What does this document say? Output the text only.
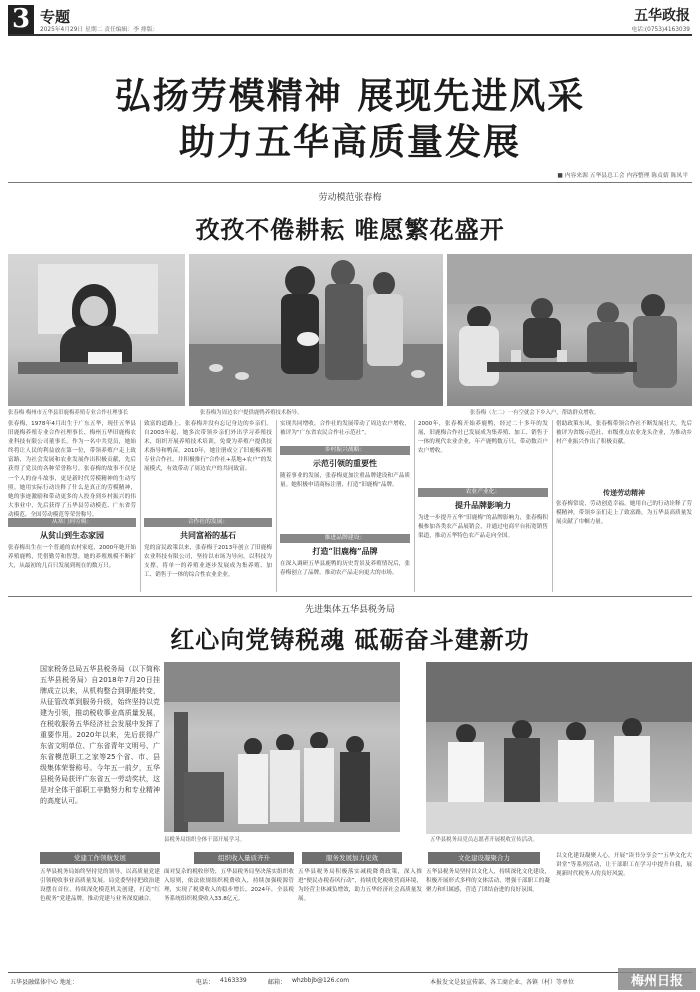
3 专题
2025年4月29日 星期二 责任编辑：李 排版：
五华政报
电话:(0753)4163039
弘扬劳模精神 展现先进风采
助力五华高质量发展
■ 内容来源 五华县总工会 内容整理 陈贞婧 陈凤平
劳动模范张春梅
孜孜不倦耕耘 唯愿繁花盛开
张春梅 梅州市五华县旧鹿梅养殖专业合作社理事长	张春梅为周边农户提供鹿鸭养殖技术指导。	张春梅（左二）一有空就会下乡入户，帮助群众增收。
张春梅，1978年4月出生于广东五华，现任五华县旧鹿梅养殖专业合作社理事长、梅州五华旧鹿梅农业科技有限公司董事长。作为一名中共党员，她始终将让人民的利益放在第一位，带领养殖户走上致富路，为社会发展和农业发展作出积极贡献，先后获得了党员的各种荣誉称号。张春梅的故事不仅是一个人的奋斗故事，更是新时代劳模精神的生动写照。她用实际行动诠释了什么是真正的劳模精神，她的事迹激励和带动更多的人投身到乡村振兴的伟大事业中，先后获得了五华县劳动模范、广东省劳动模范、全国劳动模范等荣誉称号。
从寒门到劳模：
从贫山到生态家园
张春梅出生在一个普通的农村家庭，2000年她开始养殖鹿鸭，凭借勤劳和智慧，她的养殖规模不断扩大，从最初的几百只发展到现在的数万只。
致富的道路上，张春梅并没有忘记身边的乡亲们。自2003年起，她多次带领乡亲们外出学习养殖技术，组织开展养殖技术培训，免费为养殖户提供技术指导和鸭苗。2010年，她注册成立了旧鹿梅养殖专业合作社，并积极推行“合作社+基地+农户”的发展模式，有效带动了周边农户的共同致富。
合作社的发展：
共同富裕的基石
党的富民政策以来，张春梅于2013年创立了旧鹿梅农业科技有限公司，坚持以市场为导向，以科技为支撑，将单一的养殖业逐步发展成为集养殖、加工、销售于一体的综合性农业企业。
实现共同增收。合作社的发展带动了周边农户增收，被评为“广东省农民合作社示范社”。
乡村振兴战略：
示范引领的重要性
随着事业的发展，张春梅更加注重品牌建设和产品质量。她积极申请商标注册，打造“旧鹿梅”品牌。
推进品牌建设：
打造“旧鹿梅”品牌
在深入调研五华县鹿鸭的历史背景及养殖情况后，张春梅创立了品牌，推动农产品走向更大的市场。
2000年，张春梅开始养鹿鸭，经过二十多年的发展，旧鹿梅合作社已发展成为集养殖、加工、销售于一体的现代农业企业，年产鹿鸭数万只，带动数百户农户增收。
农业产业化：
提升品牌影响力
为进一步提升五华“旧鹿梅”的品牌影响力，张春梅积极参加各类农产品展销会，并通过电商平台拓宽销售渠道，推动五华特色农产品走向全国。
借助政策东风，张春梅带领合作社不断发展壮大，先后被评为省级示范社、市级重点农业龙头企业，为推动乡村产业振兴作出了积极贡献。
传递劳动精神
张春梅常说，劳动创造幸福。她用自己的行动诠释了劳模精神，带领乡亲们走上了致富路，为五华县高质量发展贡献了巾帼力量。
先进集体五华县税务局
红心向党铸税魂 砥砺奋斗建新功
国家税务总局五华县税务局（以下简称五华县税务局）自2018年7月20日挂牌成立以来，从机构整合到职能转变，从征管改革到服务升级，始终坚持以党建为引领，推动税收事业高质量发展，在税收服务五华经济社会发展中发挥了重要作用。2020年以来，先后获得广东省文明单位、广东省青年文明号、广东省模范职工之家等25个省、市、县级集体荣誉称号。今年五一前夕，五华县税务局获评广东省五一劳动奖状，这是对全体干部职工辛勤努力和专业精神的高度认可。
五华县税务局党员志愿者开展税收宣传活动。
县税务局组织全体干部开展学习。
党建工作领航发展
五华县税务局始终坚持党的领导，以高质量党建引领税收事业高质量发展。局党委坚持把政治建设摆在首位，持续深化模范机关创建，打造“红色税务”党建品牌，推动党建与业务深度融合。
组织收入量质齐升
面对复杂的税收形势，五华县税务局坚决落实组织收入原则，依法依规组织税费收入，持续加强税源管理，实现了税费收入的稳步增长。2024年，全县税务系统组织税费收入33.8亿元。
服务发展加力见效
五华县税务局积极落实减税降费政策，深入推进“便民办税春风行动”，持续优化税收营商环境，为经营主体减负增效，助力五华经济社会高质量发展。
文化建设凝聚合力
五华县税务局坚持以文化人，持续深化文化建设，积极开展形式多样的文体活动，增强干部职工的凝聚力和归属感，营造了团结奋进的良好氛围。
以文化建设凝聚人心，开展“读书分享会”“五华文化大讲堂”等系列活动，让干部职工在学习中提升自我，展现新时代税务人的良好风貌。
五华县融媒体中心 地址：	电话： 4163339	邮箱： whzbbjb@126.com	本报发文是县宣传部、各工商企业、各镇（村）等单位	梅州日报
